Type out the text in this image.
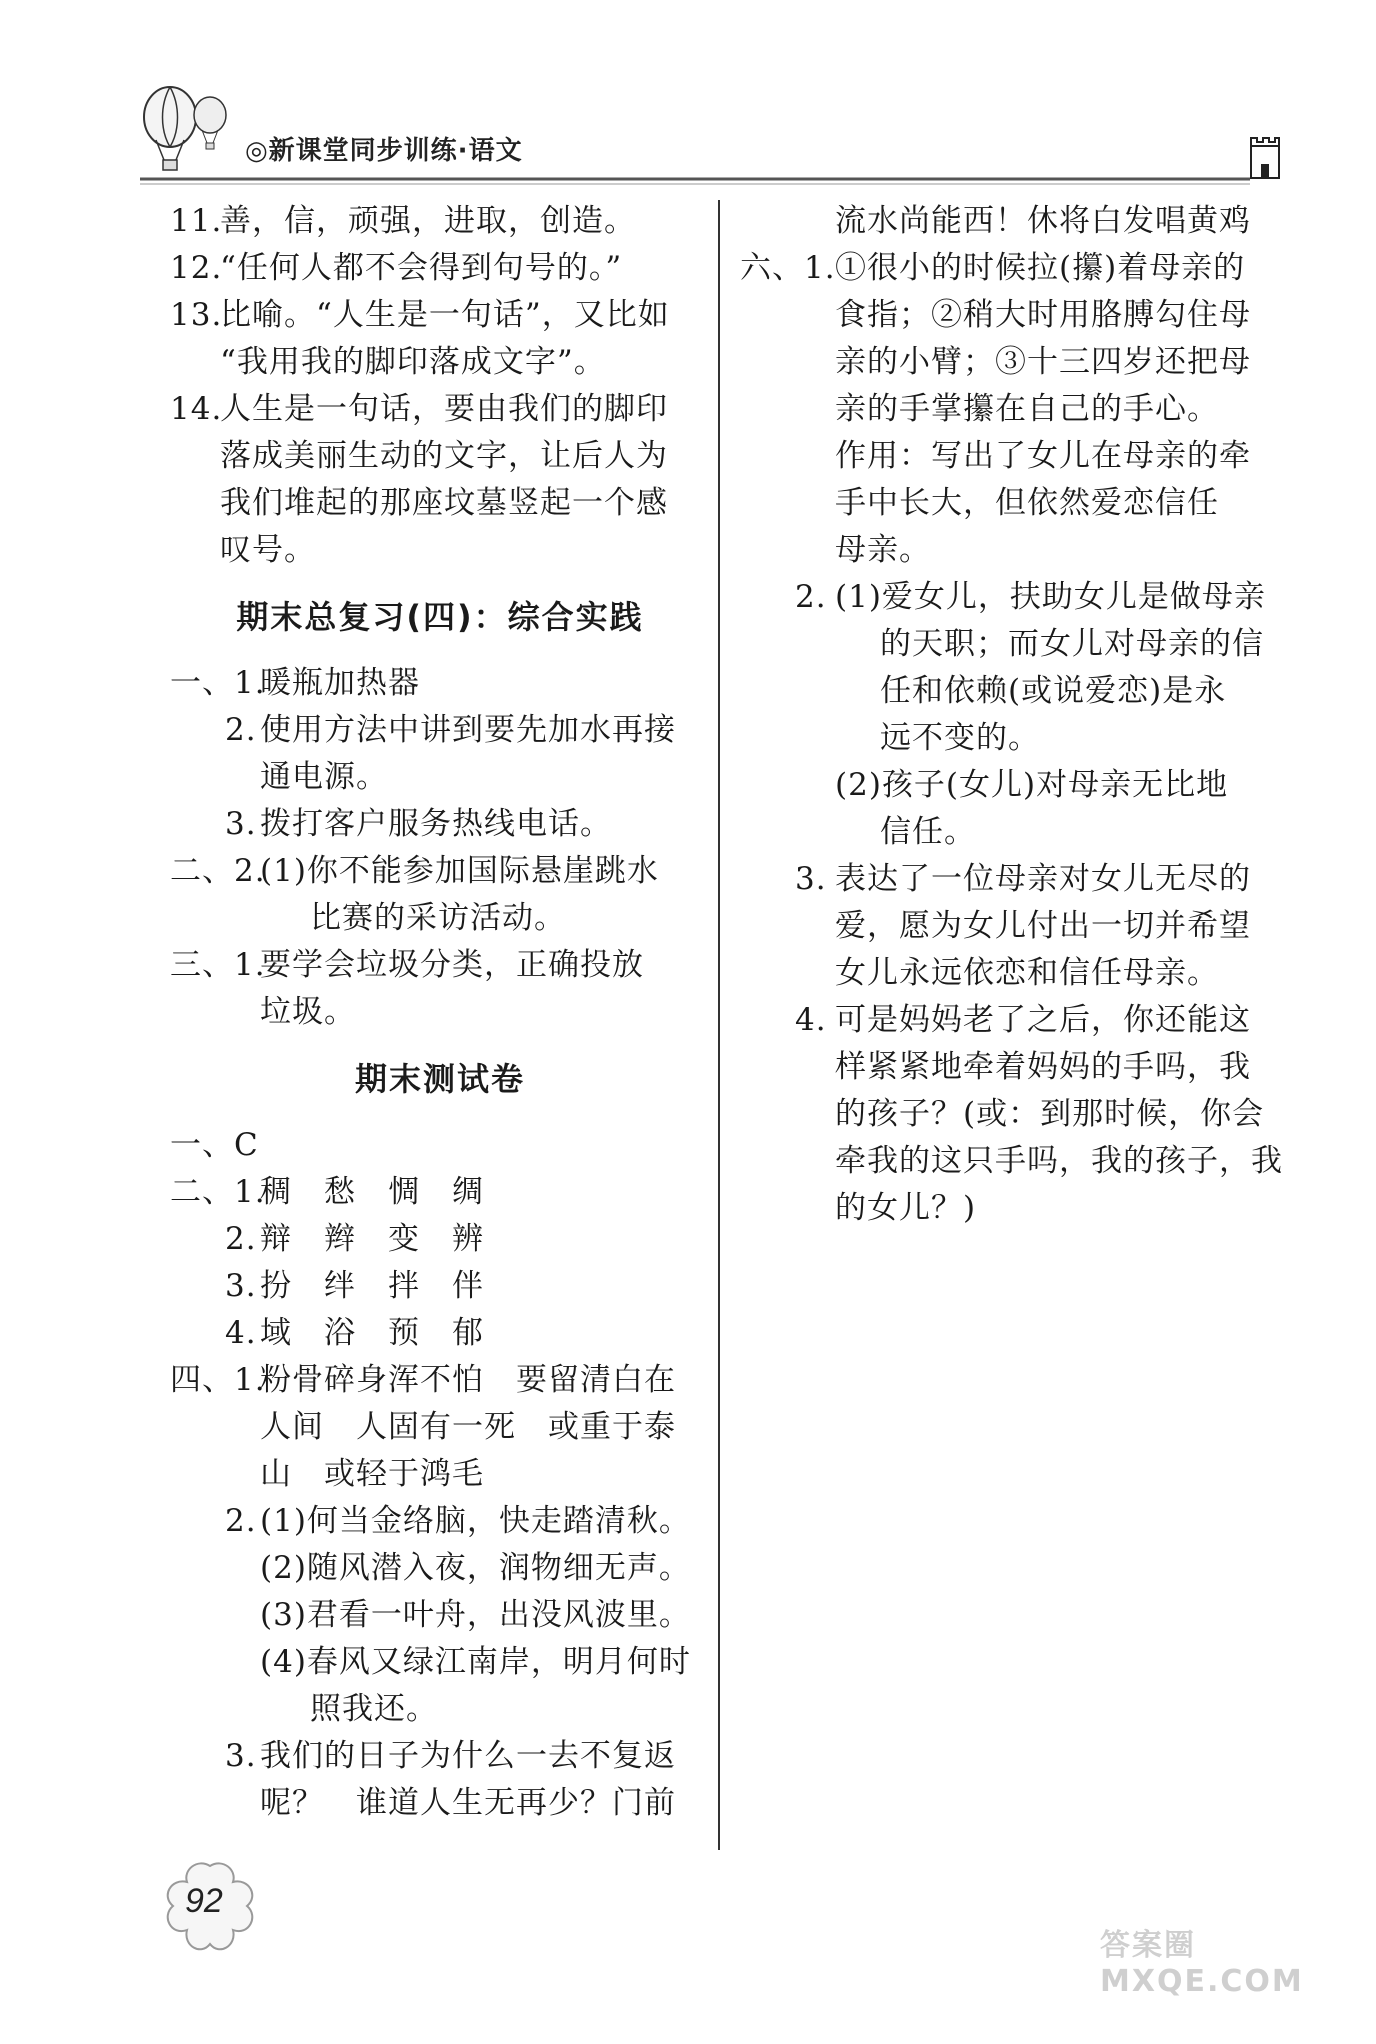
◎新课堂同步训练·语文
11.
善，信，顽强，进取，创造。
12.
“任何人都不会得到句号的。”
13.
比喻。“人生是一句话”，又比如
“我用我的脚印落成文字”。
14.
人生是一句话，要由我们的脚印
落成美丽生动的文字，让后人为
我们堆起的那座坟墓竖起一个感
叹号。
期末总复习(四)：综合实践
一、1.
暖瓶加热器
2. 使用方法中讲到要先加水再接
通电源。
3. 拨打客户服务热线电话。
二、2.
(1)你不能参加国际悬崖跳水
比赛的采访活动。
三、1.
要学会垃圾分类，正确投放
垃圾。
期末测试卷
一、C
二、1.
稠　愁　惆　绸
2. 辩　辫　变　辨
3. 扮　绊　拌　伴
4. 域　浴　预　郁
四、1.
粉骨碎身浑不怕　要留清白在
人间　人固有一死　或重于泰
山　或轻于鸿毛
2. (1)何当金络脑，快走踏清秋。
(2)随风潜入夜，润物细无声。
(3)君看一叶舟，出没风波里。
(4)春风又绿江南岸，明月何时
照我还。
3. 我们的日子为什么一去不复返
呢？　谁道人生无再少？门前
流水尚能西！休将白发唱黄鸡
六、1. ①很小的时候拉(攥)着母亲的
食指；②稍大时用胳膊勾住母
亲的小臂；③十三四岁还把母
亲的手掌攥在自己的手心。
作用：写出了女儿在母亲的牵
手中长大，但依然爱恋信任
母亲。
2. (1)爱女儿，扶助女儿是做母亲
的天职；而女儿对母亲的信
任和依赖(或说爱恋)是永
远不变的。
(2)孩子(女儿)对母亲无比地
信任。
3. 表达了一位母亲对女儿无尽的
爱，愿为女儿付出一切并希望
女儿永远依恋和信任母亲。
4. 可是妈妈老了之后，你还能这
样紧紧地牵着妈妈的手吗，我
的孩子？(或：到那时候，你会
牵我的这只手吗，我的孩子，我
的女儿？)
92
答案圈 MXQE.COM
